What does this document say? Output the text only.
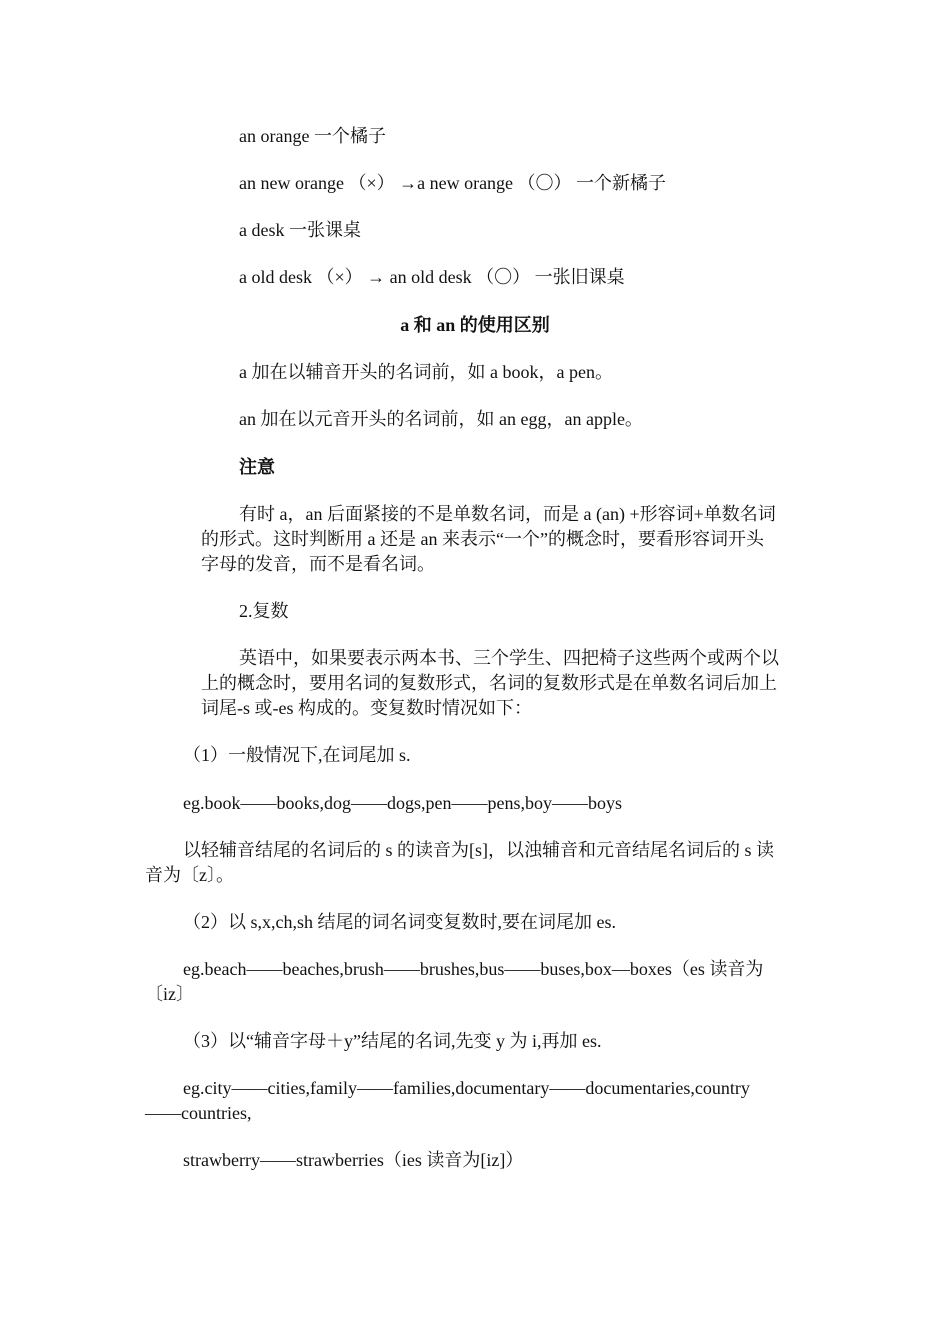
an orange 一个橘子
an new orange （×） →a new orange （〇） 一个新橘子
a desk 一张课桌
a old desk （×） → an old desk （〇） 一张旧课桌
a 和 an 的使用区别
a 加在以辅音开头的名词前，如 a book，a pen。
an 加在以元音开头的名词前，如 an egg，an apple。
注意
有时 a，an 后面紧接的不是单数名词，而是 a (an) +形容词+单数名词
的形式。这时判断用 a 还是 an 来表示“一个”的概念时，要看形容词开头
字母的发音，而不是看名词。
2.复数
英语中，如果要表示两本书、三个学生、四把椅子这些两个或两个以
上的概念时，要用名词的复数形式，名词的复数形式是在单数名词后加上
词尾-s 或-es 构成的。变复数时情况如下：
（1）一般情况下,在词尾加 s.
eg.book——books,dog——dogs,pen——pens,boy——boys
以轻辅音结尾的名词后的 s 的读音为[s]，以浊辅音和元音结尾名词后的 s 读
音为〔z〕。
（2）以 s,x,ch,sh 结尾的词名词变复数时,要在词尾加 es.
eg.beach——beaches,brush——brushes,bus——buses,box—boxes（es 读音为
〔iz〕
（3）以“辅音字母＋y”结尾的名词,先变 y 为 i,再加 es.
eg.city——cities,family——families,documentary——documentaries,country
——countries,
strawberry——strawberries（ies 读音为[iz]）
